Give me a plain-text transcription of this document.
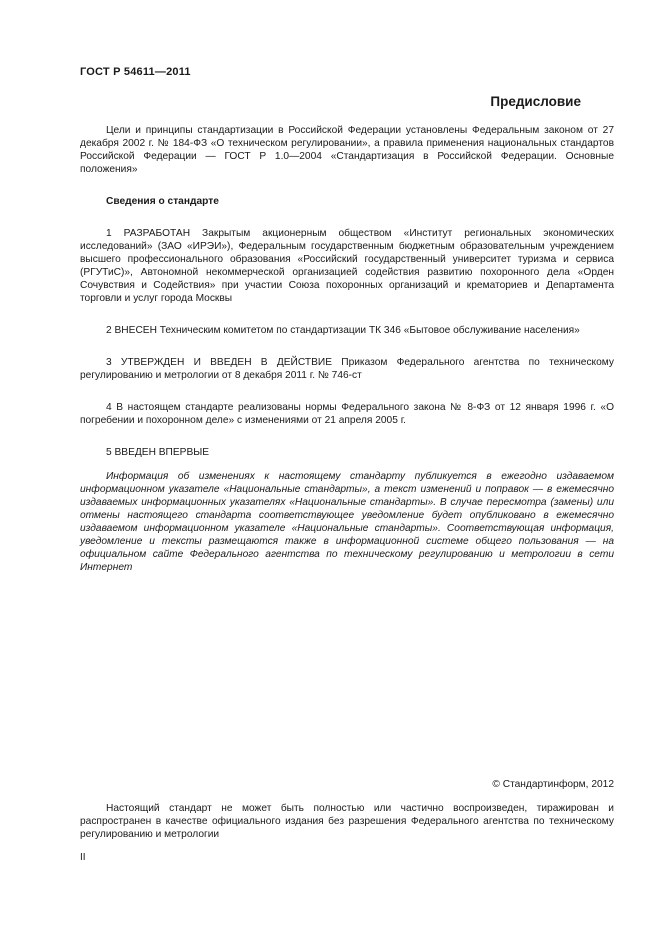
ГОСТ Р 54611—2011
Предисловие

Цели и принципы стандартизации в Российской Федерации установлены Федеральным законом от 27 декабря 2002 г. № 184-ФЗ «О техническом регулировании», а правила применения национальных стандартов Российской Федерации — ГОСТ Р 1.0—2004 «Стандартизация в Российской Федерации. Основные положения»

Сведения о стандарте

1 РАЗРАБОТАН Закрытым акционерным обществом «Институт региональных экономических исследований» (ЗАО «ИРЭИ»), Федеральным государственным бюджетным образовательным учреждением высшего профессионального образования «Российский государственный университет туризма и сервиса (РГУТиС)», Автономной некоммерческой организацией содействия развитию похоронного дела «Орден Сочувствия и Содействия» при участии Союза похоронных организаций и крематориев и Департамента торговли и услуг города Москвы

2 ВНЕСЕН Техническим комитетом по стандартизации ТК 346 «Бытовое обслуживание населения»

3 УТВЕРЖДЕН И ВВЕДЕН В ДЕЙСТВИЕ Приказом Федерального агентства по техническому регулированию и метрологии от 8 декабря 2011 г. № 746-ст

4 В настоящем стандарте реализованы нормы Федерального закона № 8-ФЗ от 12 января 1996 г. «О погребении и похоронном деле» с изменениями от 21 апреля 2005 г.

5 ВВЕДЕН ВПЕРВЫЕ

Информация об изменениях к настоящему стандарту публикуется в ежегодно издаваемом информационном указателе «Национальные стандарты», а текст изменений и поправок — в ежемесячно издаваемых информационных указателях «Национальные стандарты». В случае пересмотра (замены) или отмены настоящего стандарта соответствующее уведомление будет опубликовано в ежемесячно издаваемом информационном указателе «Национальные стандарты». Соответствующая информация, уведомление и тексты размещаются также в информационной системе общего пользования — на официальном сайте Федерального агентства по техническому регулированию и метрологии в сети Интернет

© Стандартинформ, 2012

Настоящий стандарт не может быть полностью или частично воспроизведен, тиражирован и распространен в качестве официального издания без разрешения Федерального агентства по техническому регулированию и метрологии

II
